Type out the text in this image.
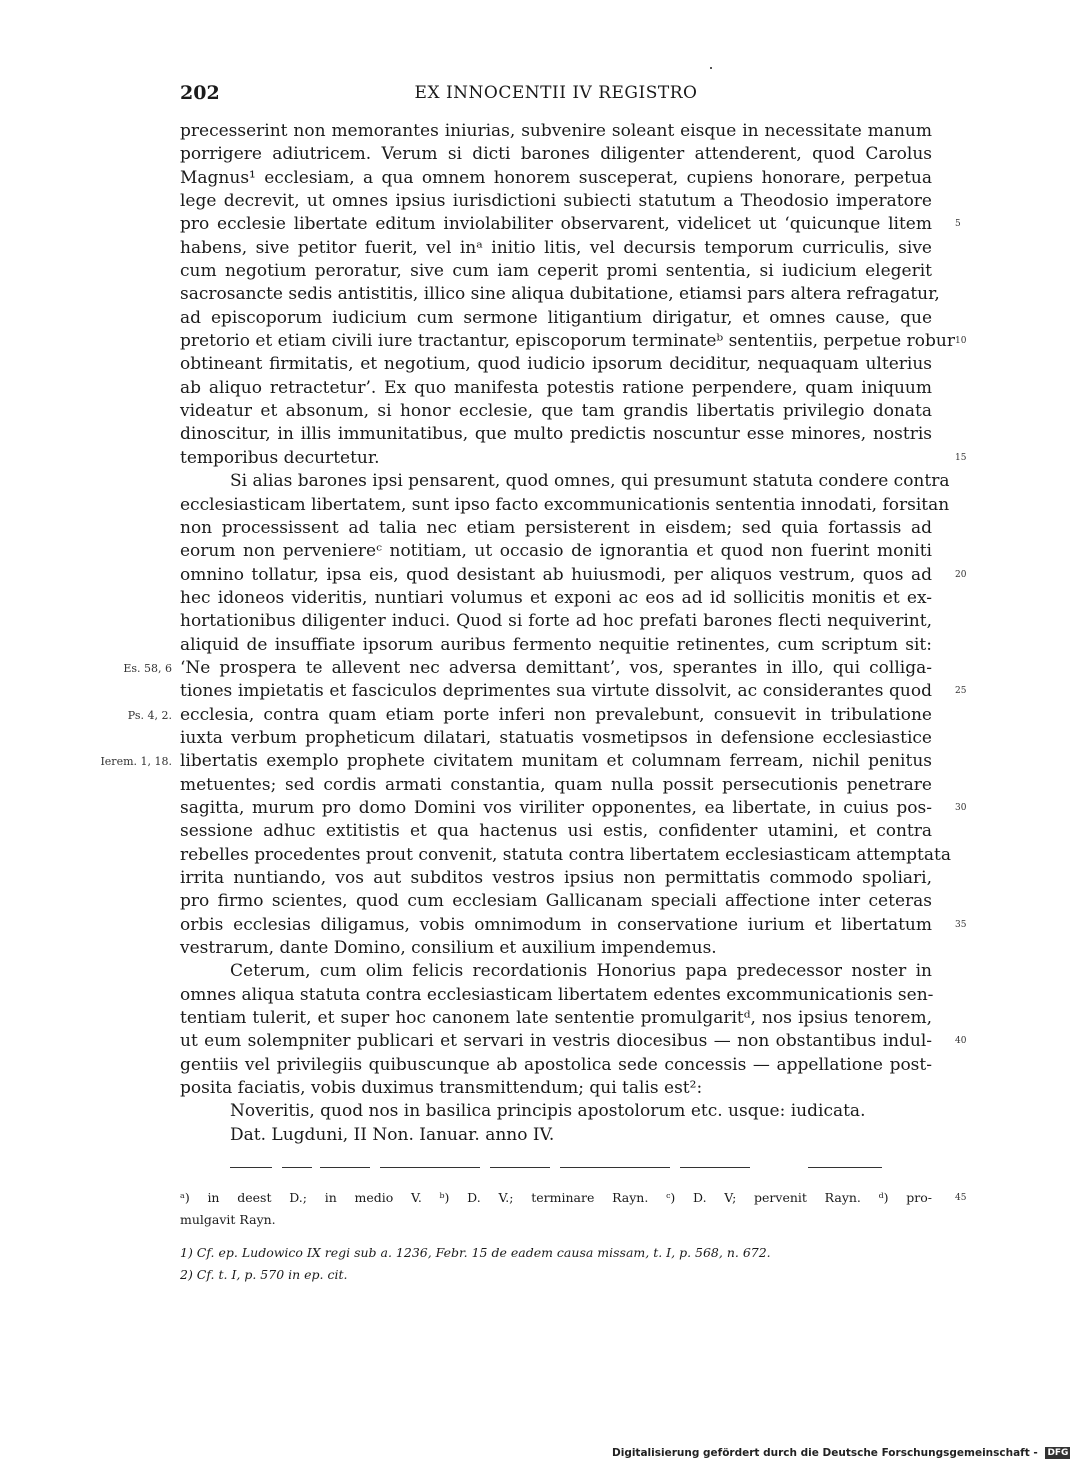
202	EX INNOCENTII IV REGISTRO
precesserint non memorantes iniurias, subvenire soleant eisque in necessitate manum
porrigere adiutricem. Verum si dicti barones diligenter attenderent, quod Carolus
Magnus¹ ecclesiam, a qua omnem honorem susceperat, cupiens honorare, perpetua
lege decrevit, ut omnes ipsius iurisdictioni subiecti statutum a Theodosio imperatore
pro ecclesie libertate editum inviolabiliter observarent, videlicet ut ‘quicunque litem	5
habens, sive petitor fuerit, vel inᵃ initio litis, vel decursis temporum curriculis, sive
cum negotium peroratur, sive cum iam ceperit promi sententia, si iudicium elegerit
sacrosancte sedis antistitis, illico sine aliqua dubitatione, etiamsi pars altera refragatur,
ad episcoporum iudicium cum sermone litigantium dirigatur, et omnes cause, que
pretorio et etiam civili iure tractantur, episcoporum terminateᵇ sententiis, perpetue robur 10
obtineant firmitatis, et negotium, quod iudicio ipsorum deciditur, nequaquam ulterius
ab aliquo retractetur’. Ex quo manifesta potestis ratione perpendere, quam iniquum
videatur et absonum, si honor ecclesie, que tam grandis libertatis privilegio donata
dinoscitur, in illis immunitatibus, que multo predictis noscuntur esse minores, nostris
temporibus decurtetur.	15
Si alias barones ipsi pensarent, quod omnes, qui presumunt statuta condere contra
ecclesiasticam libertatem, sunt ipso facto excommunicationis sententia innodati, forsitan
non processissent ad talia nec etiam persisterent in eisdem; sed quia fortassis ad
eorum non perveniereᶜ notitiam, ut occasio de ignorantia et quod non fuerint moniti
omnino tollatur, ipsa eis, quod desistant ab huiusmodi, per aliquos vestrum, quos ad	20
hec idoneos videritis, nuntiari volumus et exponi ac eos ad id sollicitis monitis et ex-
hortationibus diligenter induci. Quod si forte ad hoc prefati barones flecti nequiverint,
aliquid de insuffiate ipsorum auribus fermento nequitie retinentes, cum scriptum sit:
‘Ne prospera te allevent nec adversa demittant’, vos, sperantes in illo, qui colliga-
Es. 58, 6
tiones impietatis et fasciculos deprimentes sua virtute dissolvit, ac considerantes quod	25
ecclesia, contra quam etiam porte inferi non prevalebunt, consuevit in tribulatione
Ps. 4, 2.
iuxta verbum propheticum dilatari, statuatis vosmetipsos in defensione ecclesiastice
libertatis exemplo prophete civitatem munitam et columnam ferream, nichil penitus
Ierem. 1, 18.
metuentes; sed cordis armati constantia, quam nulla possit persecutionis penetrare
sagitta, murum pro domo Domini vos viriliter opponentes, ea libertate, in cuius pos-	30
sessione adhuc extitistis et qua hactenus usi estis, confidenter utamini, et contra
rebelles procedentes prout convenit, statuta contra libertatem ecclesiasticam attemptata
irrita nuntiando, vos aut subditos vestros ipsius non permittatis commodo spoliari,
pro firmo scientes, quod cum ecclesiam Gallicanam speciali affectione inter ceteras
orbis ecclesias diligamus, vobis omnimodum in conservatione iurium et libertatum	35
vestrarum, dante Domino, consilium et auxilium impendemus.
Ceterum, cum olim felicis recordationis Honorius papa predecessor noster in
omnes aliqua statuta contra ecclesiasticam libertatem edentes excommunicationis sen-
tentiam tulerit, et super hoc canonem late sententie promulgaritᵈ, nos ipsius tenorem,
ut eum solempniter publicari et servari in vestris diocesibus — non obstantibus indul-	40
gentiis vel privilegiis quibuscunque ab apostolica sede concessis — appellatione post-
posita faciatis, vobis duximus transmittendum; qui talis est²:
Noveritis, quod nos in basilica principis apostolorum etc. usque: iudicata.
Dat. Lugduni, II Non. Ianuar. anno IV.
ᵃ) in deest D.; in medio V. ᵇ) D. V.; terminare Rayn. ᶜ) D. V; pervenit Rayn. ᵈ) pro-	45
mulgavit Rayn.
1) Cf. ep. Ludowico IX regi sub a. 1236, Febr. 15 de eadem causa missam, t. I, p. 568, n. 672.
2) Cf. t. I, p. 570 in ep. cit.
Digitalisierung gefördert durch die Deutsche Forschungsgemeinschaft - DFG
